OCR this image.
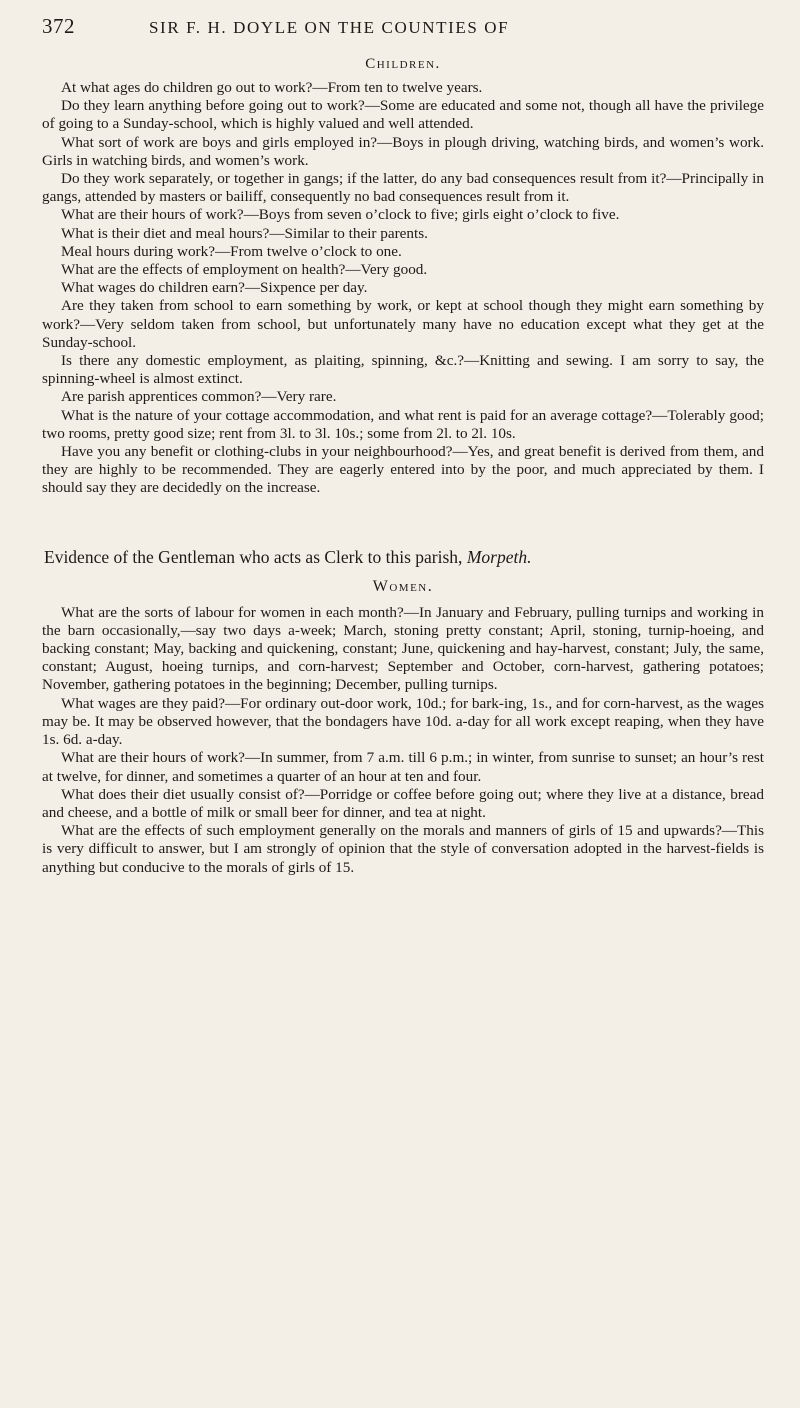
372	SIR F. H. DOYLE ON THE COUNTIES OF
Children.

At what ages do children go out to work?—From ten to twelve years.

Do they learn anything before going out to work?—Some are educated and some not, though all have the privilege of going to a Sunday-school, which is highly valued and well attended.

What sort of work are boys and girls employed in?—Boys in plough driving, watching birds, and women’s work. Girls in watching birds, and women’s work.

Do they work separately, or together in gangs; if the latter, do any bad consequences result from it?—Principally in gangs, attended by masters or bailiff, consequently no bad consequences result from it.

What are their hours of work?—Boys from seven o’clock to five; girls eight o’clock to five.

What is their diet and meal hours?—Similar to their parents.

Meal hours during work?—From twelve o’clock to one.

What are the effects of employment on health?—Very good.

What wages do children earn?—Sixpence per day.

Are they taken from school to earn something by work, or kept at school though they might earn something by work?—Very seldom taken from school, but unfortunately many have no education except what they get at the Sunday-school.

Is there any domestic employment, as plaiting, spinning, &c.?—Knitting and sewing. I am sorry to say, the spinning-wheel is almost extinct.

Are parish apprentices common?—Very rare.

What is the nature of your cottage accommodation, and what rent is paid for an average cottage?—Tolerably good; two rooms, pretty good size; rent from 3l. to 3l. 10s.; some from 2l. to 2l. 10s.

Have you any benefit or clothing-clubs in your neighbourhood?—Yes, and great benefit is derived from them, and they are highly to be recommended. They are eagerly entered into by the poor, and much appreciated by them. I should say they are decidedly on the increase.

Evidence of the Gentleman who acts as Clerk to this parish, Morpeth.
Women.

What are the sorts of labour for women in each month?—In January and February, pulling turnips and working in the barn occasionally,—say two days a-week; March, stoning pretty constant; April, stoning, turnip-hoeing, and backing constant; May, backing and quickening, constant; June, quickening and hay-harvest, constant; July, the same, constant; August, hoeing turnips, and corn-harvest; September and October, corn-harvest, gathering potatoes; November, gathering potatoes in the beginning; December, pulling turnips.

What wages are they paid?—For ordinary out-door work, 10d.; for bark-ing, 1s., and for corn-harvest, as the wages may be. It may be observed however, that the bondagers have 10d. a-day for all work except reaping, when they have 1s. 6d. a-day.

What are their hours of work?—In summer, from 7 a.m. till 6 p.m.; in winter, from sunrise to sunset; an hour’s rest at twelve, for dinner, and sometimes a quarter of an hour at ten and four.

What does their diet usually consist of?—Porridge or coffee before going out; where they live at a distance, bread and cheese, and a bottle of milk or small beer for dinner, and tea at night.

What are the effects of such employment generally on the morals and manners of girls of 15 and upwards?—This is very difficult to answer, but I am strongly of opinion that the style of conversation adopted in the harvest-fields is anything but conducive to the morals of girls of 15.
